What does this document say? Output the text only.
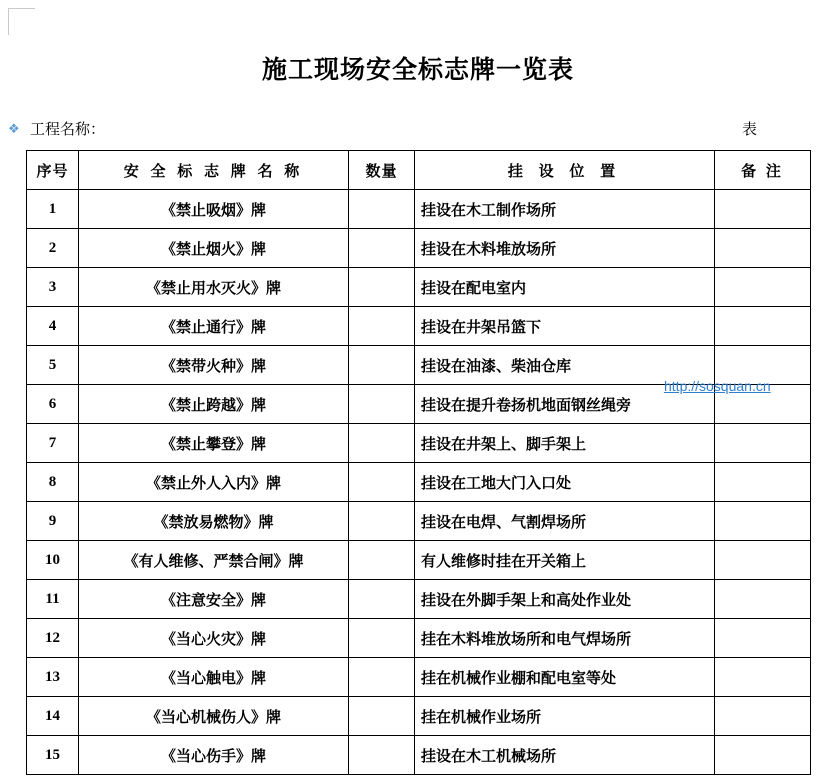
施工现场安全标志牌一览表
❖ 工程名称：	表
序号	安 全 标 志 牌 名 称	数量	挂 设 位 置	备 注
1	《禁止吸烟》牌		挂设在木工制作场所	
2	《禁止烟火》牌		挂设在木料堆放场所	
3	《禁止用水灭火》牌		挂设在配电室内	
4	《禁止通行》牌		挂设在井架吊篮下	
5	《禁带火种》牌		挂设在油漆、柴油仓库	
6	《禁止跨越》牌		挂设在提升卷扬机地面钢丝绳旁	
7	《禁止攀登》牌		挂设在井架上、脚手架上	
8	《禁止外人入内》牌		挂设在工地大门入口处	
9	《禁放易燃物》牌		挂设在电焊、气割焊场所	
10	《有人维修、严禁合闸》牌		有人维修时挂在开关箱上	
11	《注意安全》牌		挂设在外脚手架上和高处作业处	
12	《当心火灾》牌		挂在木料堆放场所和电气焊场所	
13	《当心触电》牌		挂在机械作业棚和配电室等处	
14	《当心机械伤人》牌		挂在机械作业场所	
15	《当心伤手》牌		挂设在木工机械场所	
http://sosquan.cn
